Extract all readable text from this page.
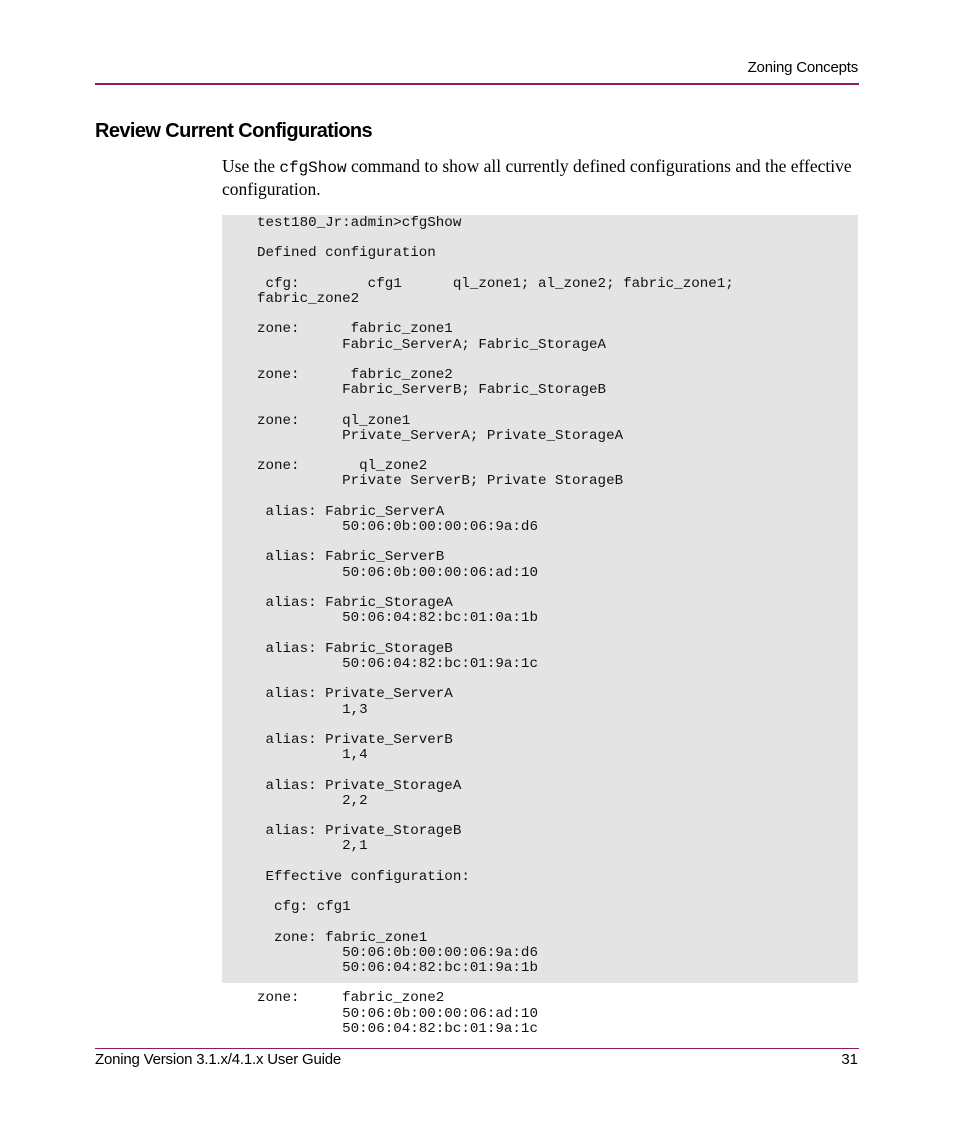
Zoning Concepts
Review Current Configurations

Use the cfgShow command to show all currently defined configurations and the effective configuration.

test180_Jr:admin>cfgShow

Defined configuration

cfg:        cfg1      ql_zone1; al_zone2; fabric_zone1;
fabric_zone2

zone:      fabric_zone1
Fabric_ServerA; Fabric_StorageA

zone:      fabric_zone2
Fabric_ServerB; Fabric_StorageB

zone:     ql_zone1
Private_ServerA; Private_StorageA

zone:       ql_zone2
Private ServerB; Private StorageB

alias: Fabric_ServerA
50:06:0b:00:00:06:9a:d6

alias: Fabric_ServerB
50:06:0b:00:00:06:ad:10

alias: Fabric_StorageA
50:06:04:82:bc:01:0a:1b

alias: Fabric_StorageB
50:06:04:82:bc:01:9a:1c

alias: Private_ServerA
1,3

alias: Private_ServerB
1,4

alias: Private_StorageA
2,2

alias: Private_StorageB
2,1

Effective configuration:

cfg: cfg1

zone: fabric_zone1
50:06:0b:00:00:06:9a:d6
50:06:04:82:bc:01:9a:1b

zone:     fabric_zone2
50:06:0b:00:00:06:ad:10
50:06:04:82:bc:01:9a:1c
Zoning Version 3.1.x/4.1.x User Guide	31
